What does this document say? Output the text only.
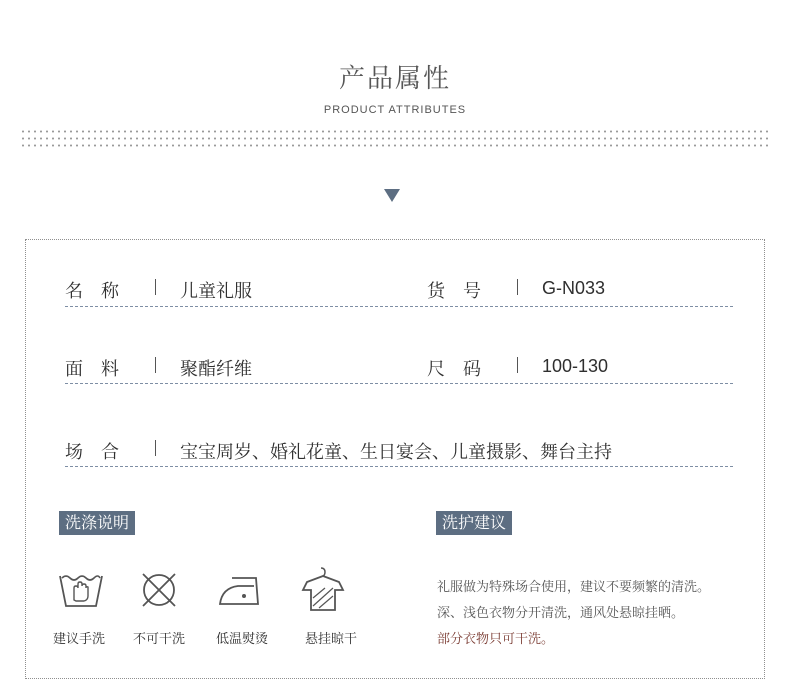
产品属性
PRODUCT ATTRIBUTES
名　称	儿童礼服	货　号	G-N033
面　料	聚酯纤维	尺　码	100-130
场　合	宝宝周岁、婚礼花童、生日宴会、儿童摄影、舞台主持
洗涤说明	洗护建议
建议手洗	不可干洗	低温熨烫	悬挂晾干
礼服做为特殊场合使用，建议不要频繁的清洗。
深、浅色衣物分开清洗，通风处悬晾挂晒。
部分衣物只可干洗。
